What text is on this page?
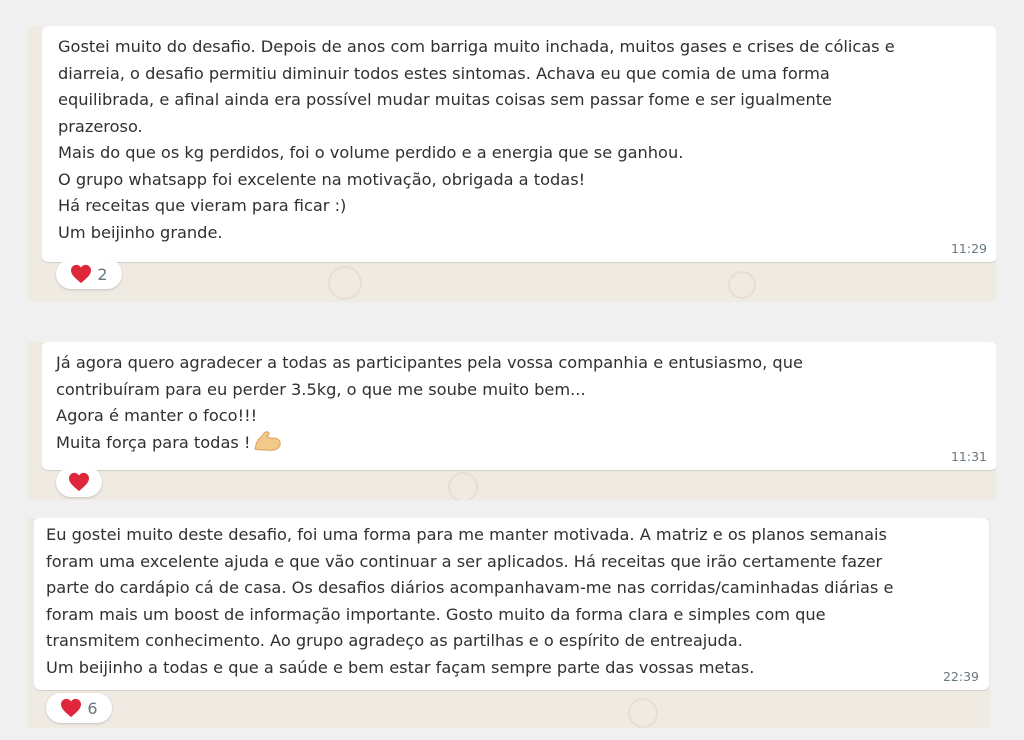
Gostei muito do desafio. Depois de anos com barriga muito inchada, muitos gases e crises de cólicas e
diarreia, o desafio permitiu diminuir todos estes sintomas. Achava eu que comia de uma forma
equilibrada, e afinal ainda era possível mudar muitas coisas sem passar fome e ser igualmente
prazeroso.
Mais do que os kg perdidos, foi o volume perdido e a energia que se ganhou.
O grupo whatsapp foi excelente na motivação, obrigada a todas!
Há receitas que vieram para ficar :)
Um beijinho grande.
11:29
2
Já agora quero agradecer a todas as participantes pela vossa companhia e entusiasmo, que
contribuíram para eu perder 3.5kg, o que me soube muito bem...
Agora é manter o foco!!!
Muita força para todas !
11:31
Eu gostei muito deste desafio, foi uma forma para me manter motivada. A matriz e os planos semanais
foram uma excelente ajuda e que vão continuar a ser aplicados. Há receitas que irão certamente fazer
parte do cardápio cá de casa. Os desafios diários acompanhavam-me nas corridas/caminhadas diárias e
foram mais um boost de informação importante. Gosto muito da forma clara e simples com que
transmitem conhecimento. Ao grupo agradeço as partilhas e o espírito de entreajuda.
Um beijinho a todas e que a saúde e bem estar façam sempre parte das vossas metas.	22:39
6
